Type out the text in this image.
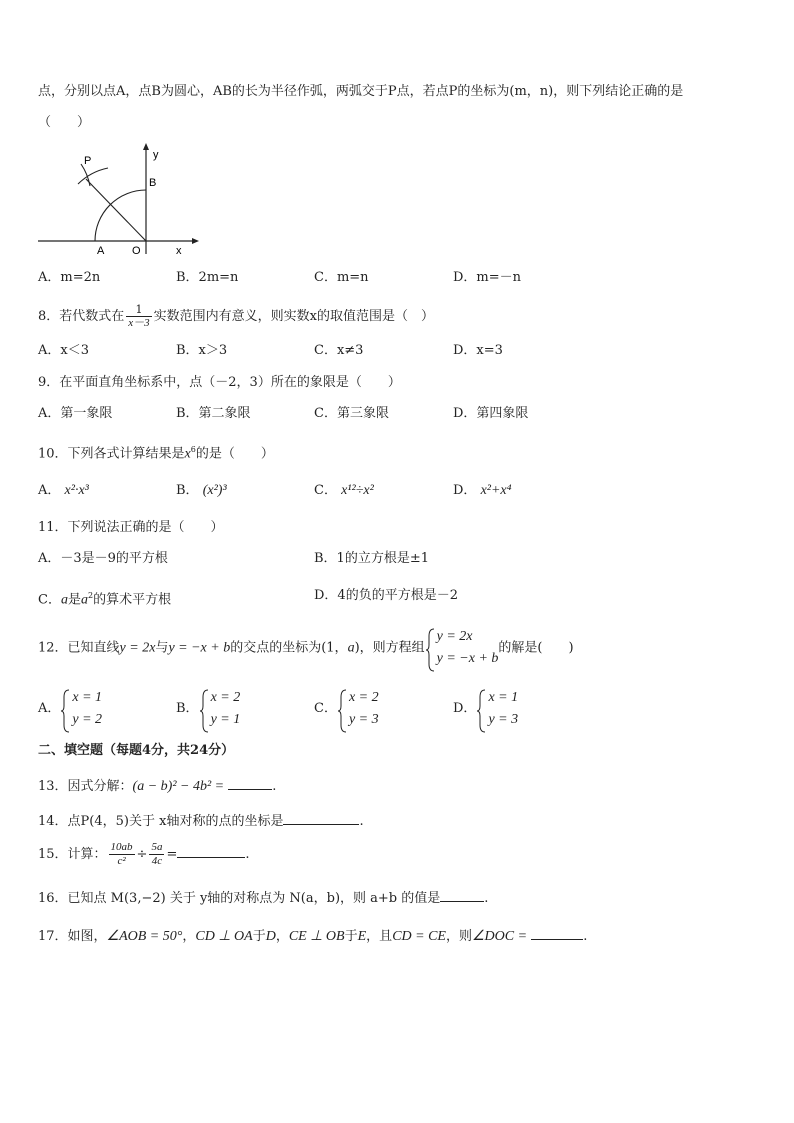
点，分别以点A，点B为圆心，AB的长为半径作弧，两弧交于P点，若点P的坐标为(m，n)，则下列结论正确的是
（　　）
P	y
B
A	O	x
A．m=2n	B．2m=n	C．m=n	D．m=－n
8．若代数式在 $\frac{1}{x-3}$ 实数范围内有意义，则实数x的取值范围是（　）
A．x＜3	B．x＞3	C．x≠3	D．x=3
9．在平面直角坐标系中，点（－2，3）所在的象限是（　　）
A．第一象限	B．第二象限	C．第三象限	D．第四象限
10．下列各式计算结果是$x^6$的是（　　）
A． x²·x³	B． (x²)³	C． x¹²÷x²	D． x²+x⁴
11．下列说法正确的是（　　）
A．－3是－9的平方根	B．1的立方根是±1
C．a是$a^2$的算术平方根	D．4的负的平方根是－2
12．已知直线y = 2x与y = −x + b的交点的坐标为(1，a)，则方程组
y = 2x
y = −x + b
的解是(　　)
A．
x = 1
y = 2
B．
x = 2
y = 1
C．
x = 2
y = 3
D．
x = 1
y = 3
二、填空题（每题4分，共24分）
13．因式分解：(a − b)² − 4b² =	.
14．点P(4，5)关于 x轴对称的点的坐标是	.
15．计算： $\frac{10ab}{\text{c²}} \div \frac{5a}{4c}$ =	.
16．已知点 M(3,−2) 关于 y轴的对称点为 N(a，b)，则 a+b 的值是	.
17．如图，∠AOB = 50°，CD ⊥ OA于D，CE ⊥ OB于E，且CD = CE，则∠DOC =	.
